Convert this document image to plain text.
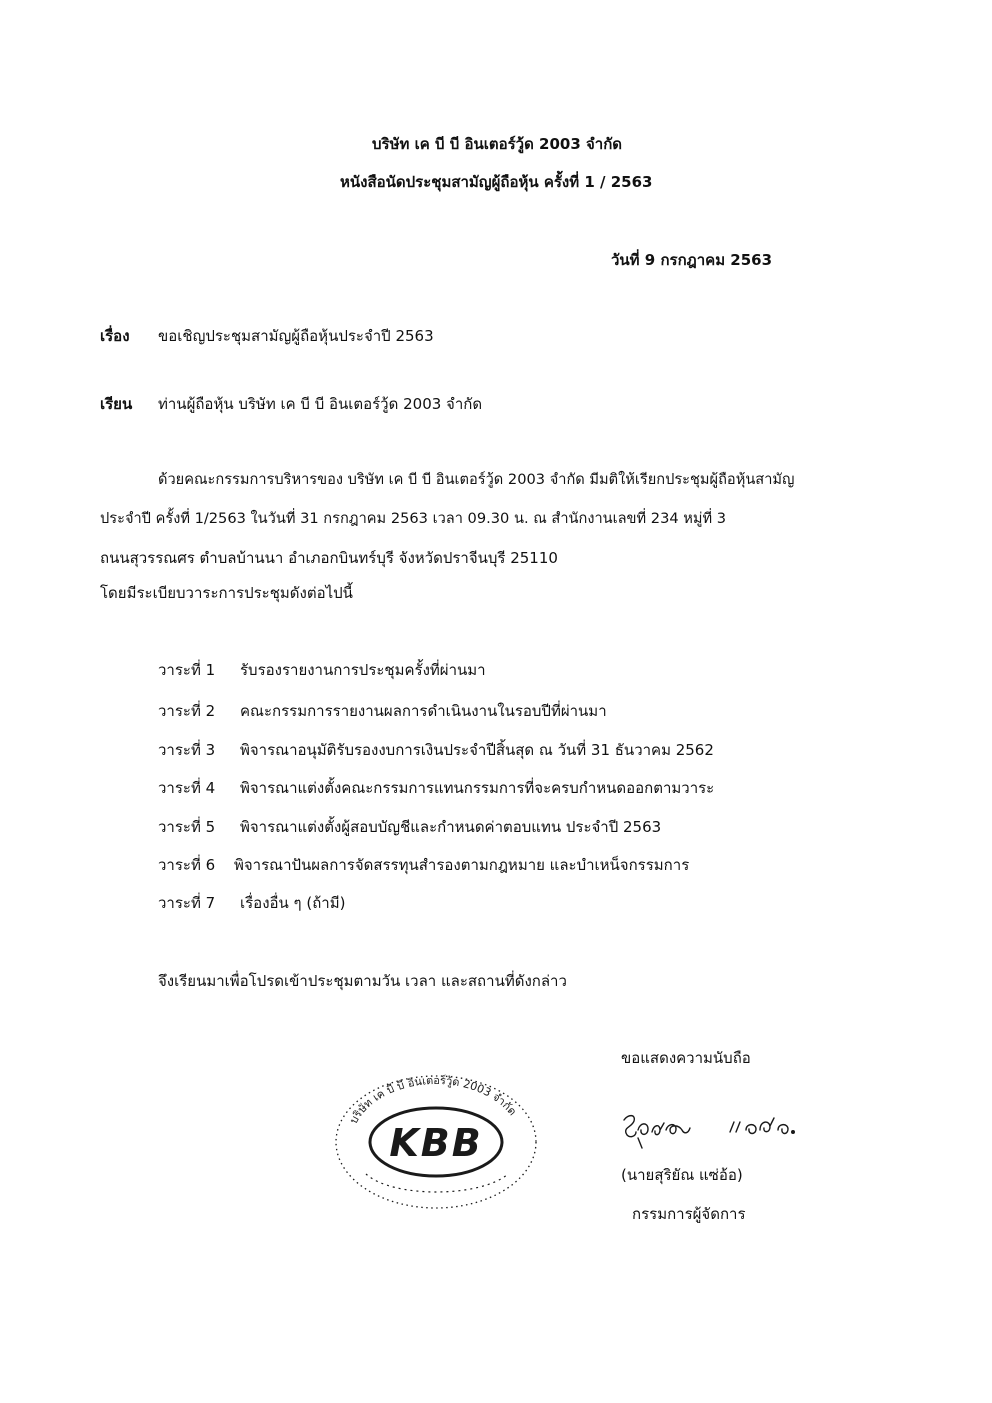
บริษัท เค บี บี อินเตอร์วู้ด 2003 จำกัด
หนังสือนัดประชุมสามัญผู้ถือหุ้น ครั้งที่ 1 / 2563
วันที่ 9 กรกฎาคม 2563
เรื่อง ขอเชิญประชุมสามัญผู้ถือหุ้นประจำปี 2563
เรียน ท่านผู้ถือหุ้น บริษัท เค บี บี อินเตอร์วู้ด 2003 จำกัด
ด้วยคณะกรรมการบริหารของ บริษัท เค บี บี อินเตอร์วู้ด 2003 จำกัด มีมติให้เรียกประชุมผู้ถือหุ้นสามัญ
ประจำปี ครั้งที่ 1/2563 ในวันที่ 31 กรกฎาคม 2563 เวลา 09.30 น. ณ สำนักงานเลขที่ 234 หมู่ที่ 3
ถนนสุวรรณศร ตำบลบ้านนา อำเภอกบินทร์บุรี จังหวัดปราจีนบุรี 25110
โดยมีระเบียบวาระการประชุมดังต่อไปนี้
วาระที่ 1 รับรองรายงานการประชุมครั้งที่ผ่านมา
วาระที่ 2 คณะกรรมการรายงานผลการดำเนินงานในรอบปีที่ผ่านมา
วาระที่ 3 พิจารณาอนุมัติรับรองงบการเงินประจำปีสิ้นสุด ณ วันที่ 31 ธันวาคม 2562
วาระที่ 4 พิจารณาแต่งตั้งคณะกรรมการแทนกรรมการที่จะครบกำหนดออกตามวาระ
วาระที่ 5 พิจารณาแต่งตั้งผู้สอบบัญชีและกำหนดค่าตอบแทน ประจำปี 2563
วาระที่ 6 พิจารณาปันผลการจัดสรรทุนสำรองตามกฎหมาย และบำเหน็จกรรมการ
วาระที่ 7 เรื่องอื่น ๆ (ถ้ามี)
จึงเรียนมาเพื่อโปรดเข้าประชุมตามวัน เวลา และสถานที่ดังกล่าว
ขอแสดงความนับถือ
(นายสุริยัณ แซ่อ้อ)
กรรมการผู้จัดการ
บริษัท เค บี บี อินเตอร์วู้ด 2003 จำกัด
KBB
